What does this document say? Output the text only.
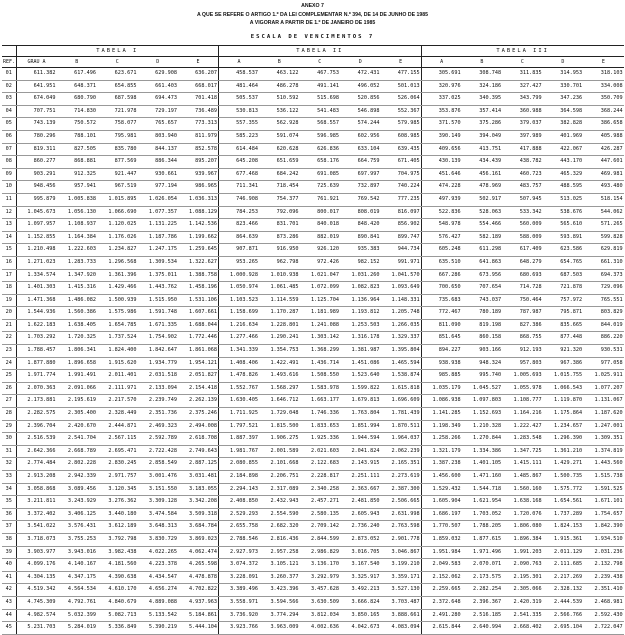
ANEXO 7
A QUE SE REFERE O ARTIGO 1.º DA LEI COMPLEMENTAR N.º 394, DE 14 DE JUNHO DE 1985
A VIGORAR A PARTIR DE 1.º DE JANEIRO DE 1985
ESCALA DE VENCIMENTOS 7
	TABELA I					TABELA II					TABELA III				
REF.	GRAU A	B	C	D	E	A	B	C	D	E	A	B	C	D	E
01	611.382	617.496	623.671	629.908	636.207	458.537	463.122	467.753	472.431	477.155	305.691	308.748	311.835	314.953	318.103
02	641.951	648.371	654.855	661.403	668.017	481.464	486.278	491.141	496.052	501.013	320.976	324.186	327.427	330.701	334.008
03	674.049	680.790	687.598	694.473	701.418	505.537	510.592	515.698	520.856	526.064	337.025	340.395	343.799	347.236	350.709
04	707.751	714.830	721.978	729.197	736.489	530.813	536.122	541.483	546.898	552.367	353.876	357.414	360.988	364.598	368.244
05	743.139	750.572	758.077	765.657	773.313	557.355	562.928	568.557	574.244	579.985	371.570	375.286	379.037	382.828	386.658
06	780.296	788.101	795.981	803.940	811.979	585.223	591.074	596.985	602.956	608.985	390.149	394.049	397.989	401.969	405.988
07	819.311	827.505	835.780	844.137	852.578	614.484	620.628	626.836	633.104	639.435	409.656	413.751	417.888	422.067	426.287
08	860.277	868.881	877.569	886.344	895.207	645.208	651.659	658.176	664.759	671.405	430.139	434.439	438.782	443.170	447.601
09	903.291	912.325	921.447	930.661	939.967	677.468	684.242	691.085	697.997	704.975	451.646	456.161	460.723	465.329	469.981
10	948.456	957.941	967.519	977.194	986.965	711.341	718.454	725.639	732.897	740.224	474.228	478.969	483.757	488.595	493.480
11	995.879	1.005.838	1.015.895	1.026.054	1.036.313	746.908	754.377	761.921	769.542	777.235	497.939	502.917	507.945	513.025	518.154
12	1.045.673	1.056.130	1.066.690	1.077.357	1.088.129	784.253	792.096	800.017	808.019	816.097	522.836	528.063	533.342	538.676	544.062
13	1.097.957	1.108.937	1.120.025	1.131.225	1.142.536	823.466	831.701	840.018	848.420	856.902	548.978	554.466	560.009	565.610	571.265
14	1.152.855	1.164.384	1.176.026	1.187.786	1.199.662	864.639	873.286	882.019	890.841	899.747	576.427	582.189	588.009	593.891	599.828
15	1.210.498	1.222.603	1.234.827	1.247.175	1.259.645	907.871	916.950	926.120	935.383	944.734	605.248	611.298	617.409	623.586	629.819
16	1.271.023	1.283.733	1.296.568	1.309.534	1.322.627	953.265	962.798	972.426	982.152	991.971	635.510	641.863	648.279	654.765	661.310
17	1.334.574	1.347.920	1.361.396	1.375.011	1.388.758	1.000.928	1.010.938	1.021.047	1.031.260	1.041.570	667.286	673.956	680.693	687.503	694.373
18	1.401.303	1.415.316	1.429.466	1.443.762	1.458.196	1.050.974	1.061.485	1.072.099	1.082.823	1.093.649	700.650	707.654	714.728	721.878	729.096
19	1.471.368	1.486.082	1.500.939	1.515.950	1.531.106	1.103.523	1.114.559	1.125.704	1.136.964	1.148.331	735.683	743.037	750.464	757.972	765.551
20	1.544.936	1.560.386	1.575.986	1.591.748	1.607.661	1.158.699	1.170.287	1.181.989	1.193.812	1.205.748	772.467	780.189	787.987	795.871	803.829
21	1.622.183	1.638.405	1.654.785	1.671.335	1.688.044	1.216.634	1.228.801	1.241.088	1.253.503	1.266.035	811.090	819.198	827.386	835.665	844.019
22	1.703.292	1.720.325	1.737.524	1.754.902	1.772.446	1.277.466	1.290.241	1.303.142	1.316.178	1.329.337	851.645	860.158	868.755	877.448	886.220
23	1.788.457	1.806.341	1.824.400	1.842.647	1.861.068	1.341.339	1.354.753	1.368.299	1.381.987	1.395.804	894.227	903.166	912.193	921.320	930.531
24	1.877.880	1.896.658	1.915.620	1.934.779	1.954.121	1.408.406	1.422.491	1.436.714	1.451.086	1.465.594	938.938	948.324	957.803	967.386	977.058
25	1.971.774	1.991.491	2.011.401	2.031.518	2.051.827	1.478.826	1.493.616	1.508.550	1.523.640	1.538.874	985.885	995.740	1.005.693	1.015.755	1.025.911
26	2.070.363	2.091.066	2.111.971	2.133.094	2.154.418	1.552.767	1.568.297	1.583.978	1.599.822	1.615.818	1.035.179	1.045.527	1.055.978	1.066.543	1.077.207
27	2.173.881	2.195.619	2.217.570	2.239.749	2.262.139	1.630.405	1.646.712	1.663.177	1.679.813	1.696.609	1.086.938	1.097.803	1.108.777	1.119.870	1.131.067
28	2.282.575	2.305.400	2.328.449	2.351.736	2.375.246	1.711.925	1.729.048	1.746.336	1.763.804	1.781.439	1.141.285	1.152.693	1.164.216	1.175.864	1.187.620
29	2.396.704	2.420.670	2.444.871	2.469.323	2.494.008	1.797.521	1.815.500	1.833.653	1.851.994	1.870.511	1.198.349	1.210.328	1.222.427	1.234.657	1.247.001
30	2.516.539	2.541.704	2.567.115	2.592.789	2.618.708	1.887.397	1.906.275	1.925.336	1.944.594	1.964.037	1.258.266	1.270.844	1.283.548	1.296.390	1.309.351
31	2.642.366	2.668.789	2.695.471	2.722.428	2.749.643	1.981.767	2.001.589	2.021.603	2.041.824	2.062.239	1.321.179	1.334.386	1.347.725	1.361.210	1.374.819
32	2.774.484	2.802.228	2.830.245	2.858.549	2.887.125	2.080.855	2.101.668	2.122.683	2.143.915	2.165.351	1.387.238	1.401.105	1.415.111	1.429.271	1.443.560
33	2.913.208	2.942.339	2.971.757	3.001.476	3.031.481	2.184.898	2.206.751	2.228.817	2.251.111	2.273.619	1.456.600	1.471.160	1.485.867	1.500.735	1.515.738
34	3.058.868	3.089.456	3.120.345	3.151.550	3.183.055	2.294.143	2.317.089	2.340.258	2.363.667	2.387.300	1.529.432	1.544.718	1.560.160	1.575.772	1.591.525
35	3.211.811	3.243.929	3.276.362	3.309.128	3.342.208	2.408.850	2.432.943	2.457.271	2.481.850	2.506.665	1.605.904	1.621.954	1.638.168	1.654.561	1.671.101
36	3.372.402	3.406.125	3.440.180	3.474.584	3.509.318	2.529.293	2.554.590	2.580.135	2.605.943	2.631.998	1.686.197	1.703.052	1.720.076	1.737.289	1.754.657
37	3.541.022	3.576.431	3.612.189	3.648.313	3.684.784	2.655.758	2.682.320	2.709.142	2.736.240	2.763.598	1.770.507	1.788.205	1.806.080	1.824.153	1.842.390
38	3.718.073	3.755.253	3.792.798	3.830.729	3.869.023	2.788.546	2.816.436	2.844.599	2.873.052	2.901.778	1.859.032	1.877.615	1.896.384	1.915.361	1.934.510
39	3.903.977	3.943.016	3.982.438	4.022.265	4.062.474	2.927.973	2.957.258	2.986.829	3.016.705	3.046.867	1.951.984	1.971.496	1.991.203	2.011.129	2.031.236
40	4.099.176	4.140.167	4.181.560	4.223.378	4.265.598	3.074.372	3.105.121	3.136.170	3.167.540	3.199.210	2.049.583	2.070.071	2.090.763	2.111.685	2.132.798
41	4.304.135	4.347.175	4.390.638	4.434.547	4.478.878	3.228.091	3.260.377	3.292.979	3.325.917	3.359.171	2.152.062	2.173.575	2.195.301	2.217.269	2.239.438
42	4.519.342	4.564.534	4.610.170	4.656.274	4.702.822	3.389.496	3.423.396	3.457.628	3.492.213	3.527.130	2.259.665	2.282.254	2.305.066	2.328.132	2.351.410
43	4.745.309	4.792.761	4.840.679	4.889.088	4.937.963	3.558.971	3.594.566	3.630.509	3.666.824	3.703.487	2.372.648	2.396.367	2.420.319	2.444.539	2.468.981
44	4.982.574	5.032.399	5.082.713	5.133.542	5.184.861	3.736.920	3.774.294	3.812.034	3.850.165	3.888.661	2.491.280	2.516.185	2.541.335	2.566.766	2.592.430
45	5.231.703	5.284.019	5.336.849	5.390.219	5.444.104	3.923.766	3.963.009	4.002.636	4.042.673	4.083.094	2.615.844	2.640.994	2.668.402	2.695.104	2.722.047
